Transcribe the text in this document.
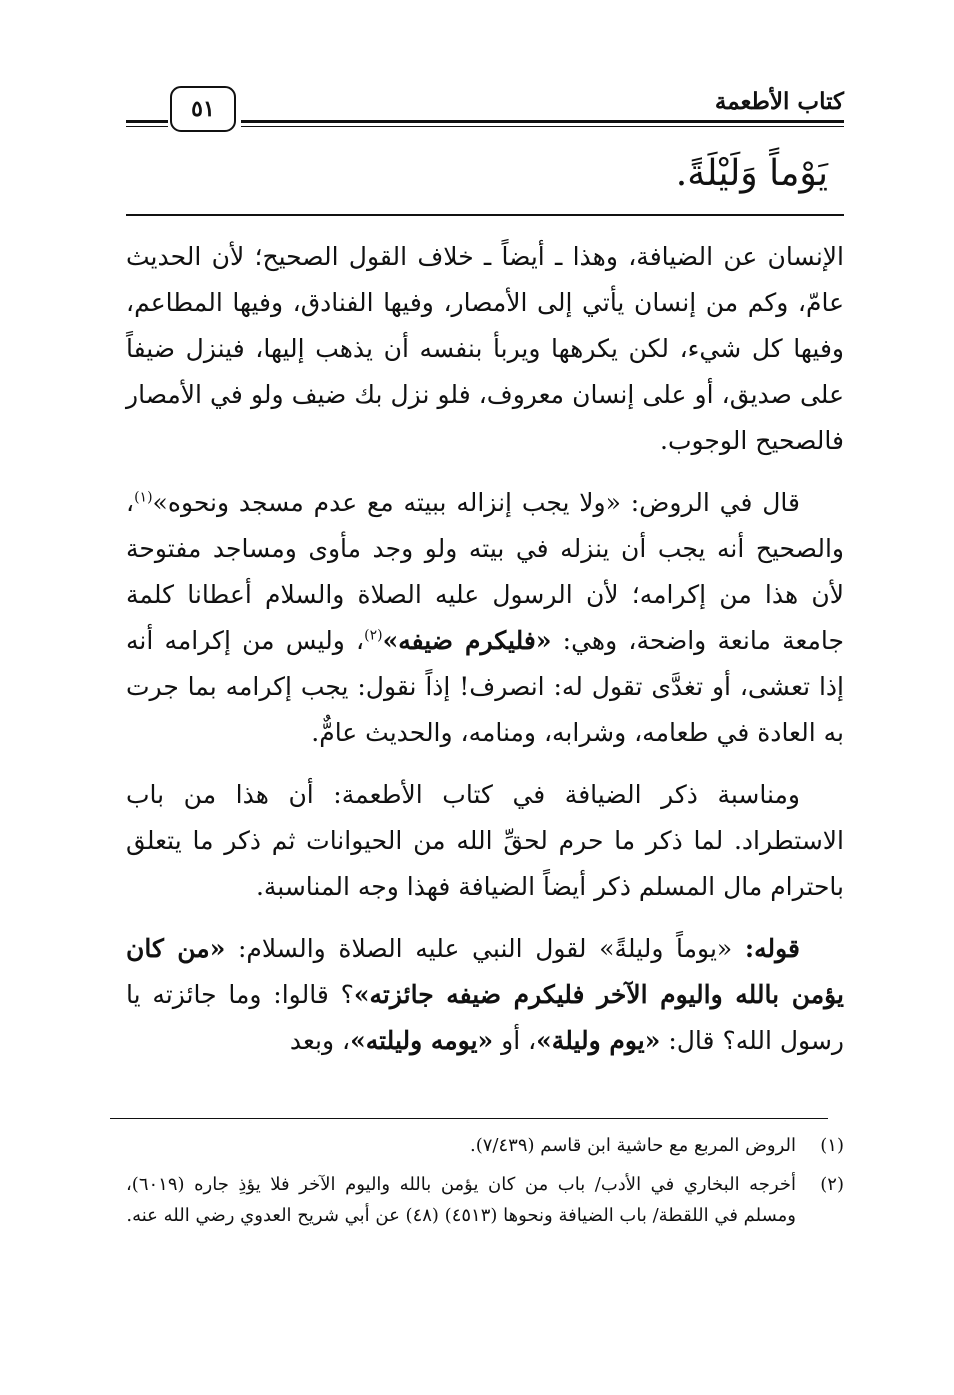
كتاب الأطعمة
٥١
يَوْماً وَلَيْلَةً.

الإنسان عن الضيافة، وهذا ـ أيضاً ـ خلاف القول الصحيح؛ لأن الحديث عامّ، وكم من إنسان يأتي إلى الأمصار، وفيها الفنادق، وفيها المطاعم، وفيها كل شيء، لكن يكرهها ويربأ بنفسه أن يذهب إليها، فينزل ضيفاً على صديق، أو على إنسان معروف، فلو نزل بك ضيف ولو في الأمصار فالصحيح الوجوب.

قال في الروض: «ولا يجب إنزاله ببيته مع عدم مسجد ونحوه»$^{(١)}$، والصحيح أنه يجب أن ينزله في بيته ولو وجد مأوى ومساجد مفتوحة لأن هذا من إكرامه؛ لأن الرسول عليه الصلاة والسلام أعطانا كلمة جامعة مانعة واضحة، وهي: «فليكرم ضيفه»$^{(٢)}$، وليس من إكرامه أنه إذا تعشى، أو تغدَّى تقول له: انصرف! إذاً نقول: يجب إكرامه بما جرت به العادة في طعامه، وشرابه، ومنامه، والحديث عامٌّ.

ومناسبة ذكر الضيافة في كتاب الأطعمة: أن هذا من باب الاستطراد. لما ذكر ما حرم لحقِّ الله من الحيوانات ثم ذكر ما يتعلق باحترام مال المسلم ذكر أيضاً الضيافة فهذا وجه المناسبة.

قوله: «يوماً وليلةً» لقول النبي عليه الصلاة والسلام: «من كان يؤمن بالله واليوم الآخر فليكرم ضيفه جائزته»؟ قالوا: وما جائزته يا رسول الله؟ قال: «يوم وليلة»، أو «يومه وليلته»، وبعد

(١)
الروض المربع مع حاشية ابن قاسم (٧/٤٣٩).
(٢)
أخرجه البخاري في الأدب/ باب من كان يؤمن بالله واليوم الآخر فلا يؤذِ جاره (٦٠١٩)، ومسلم في اللقطة/ باب الضيافة ونحوها (٤٥١٣) (٤٨) عن أبي شريح العدوي رضي الله عنه.
